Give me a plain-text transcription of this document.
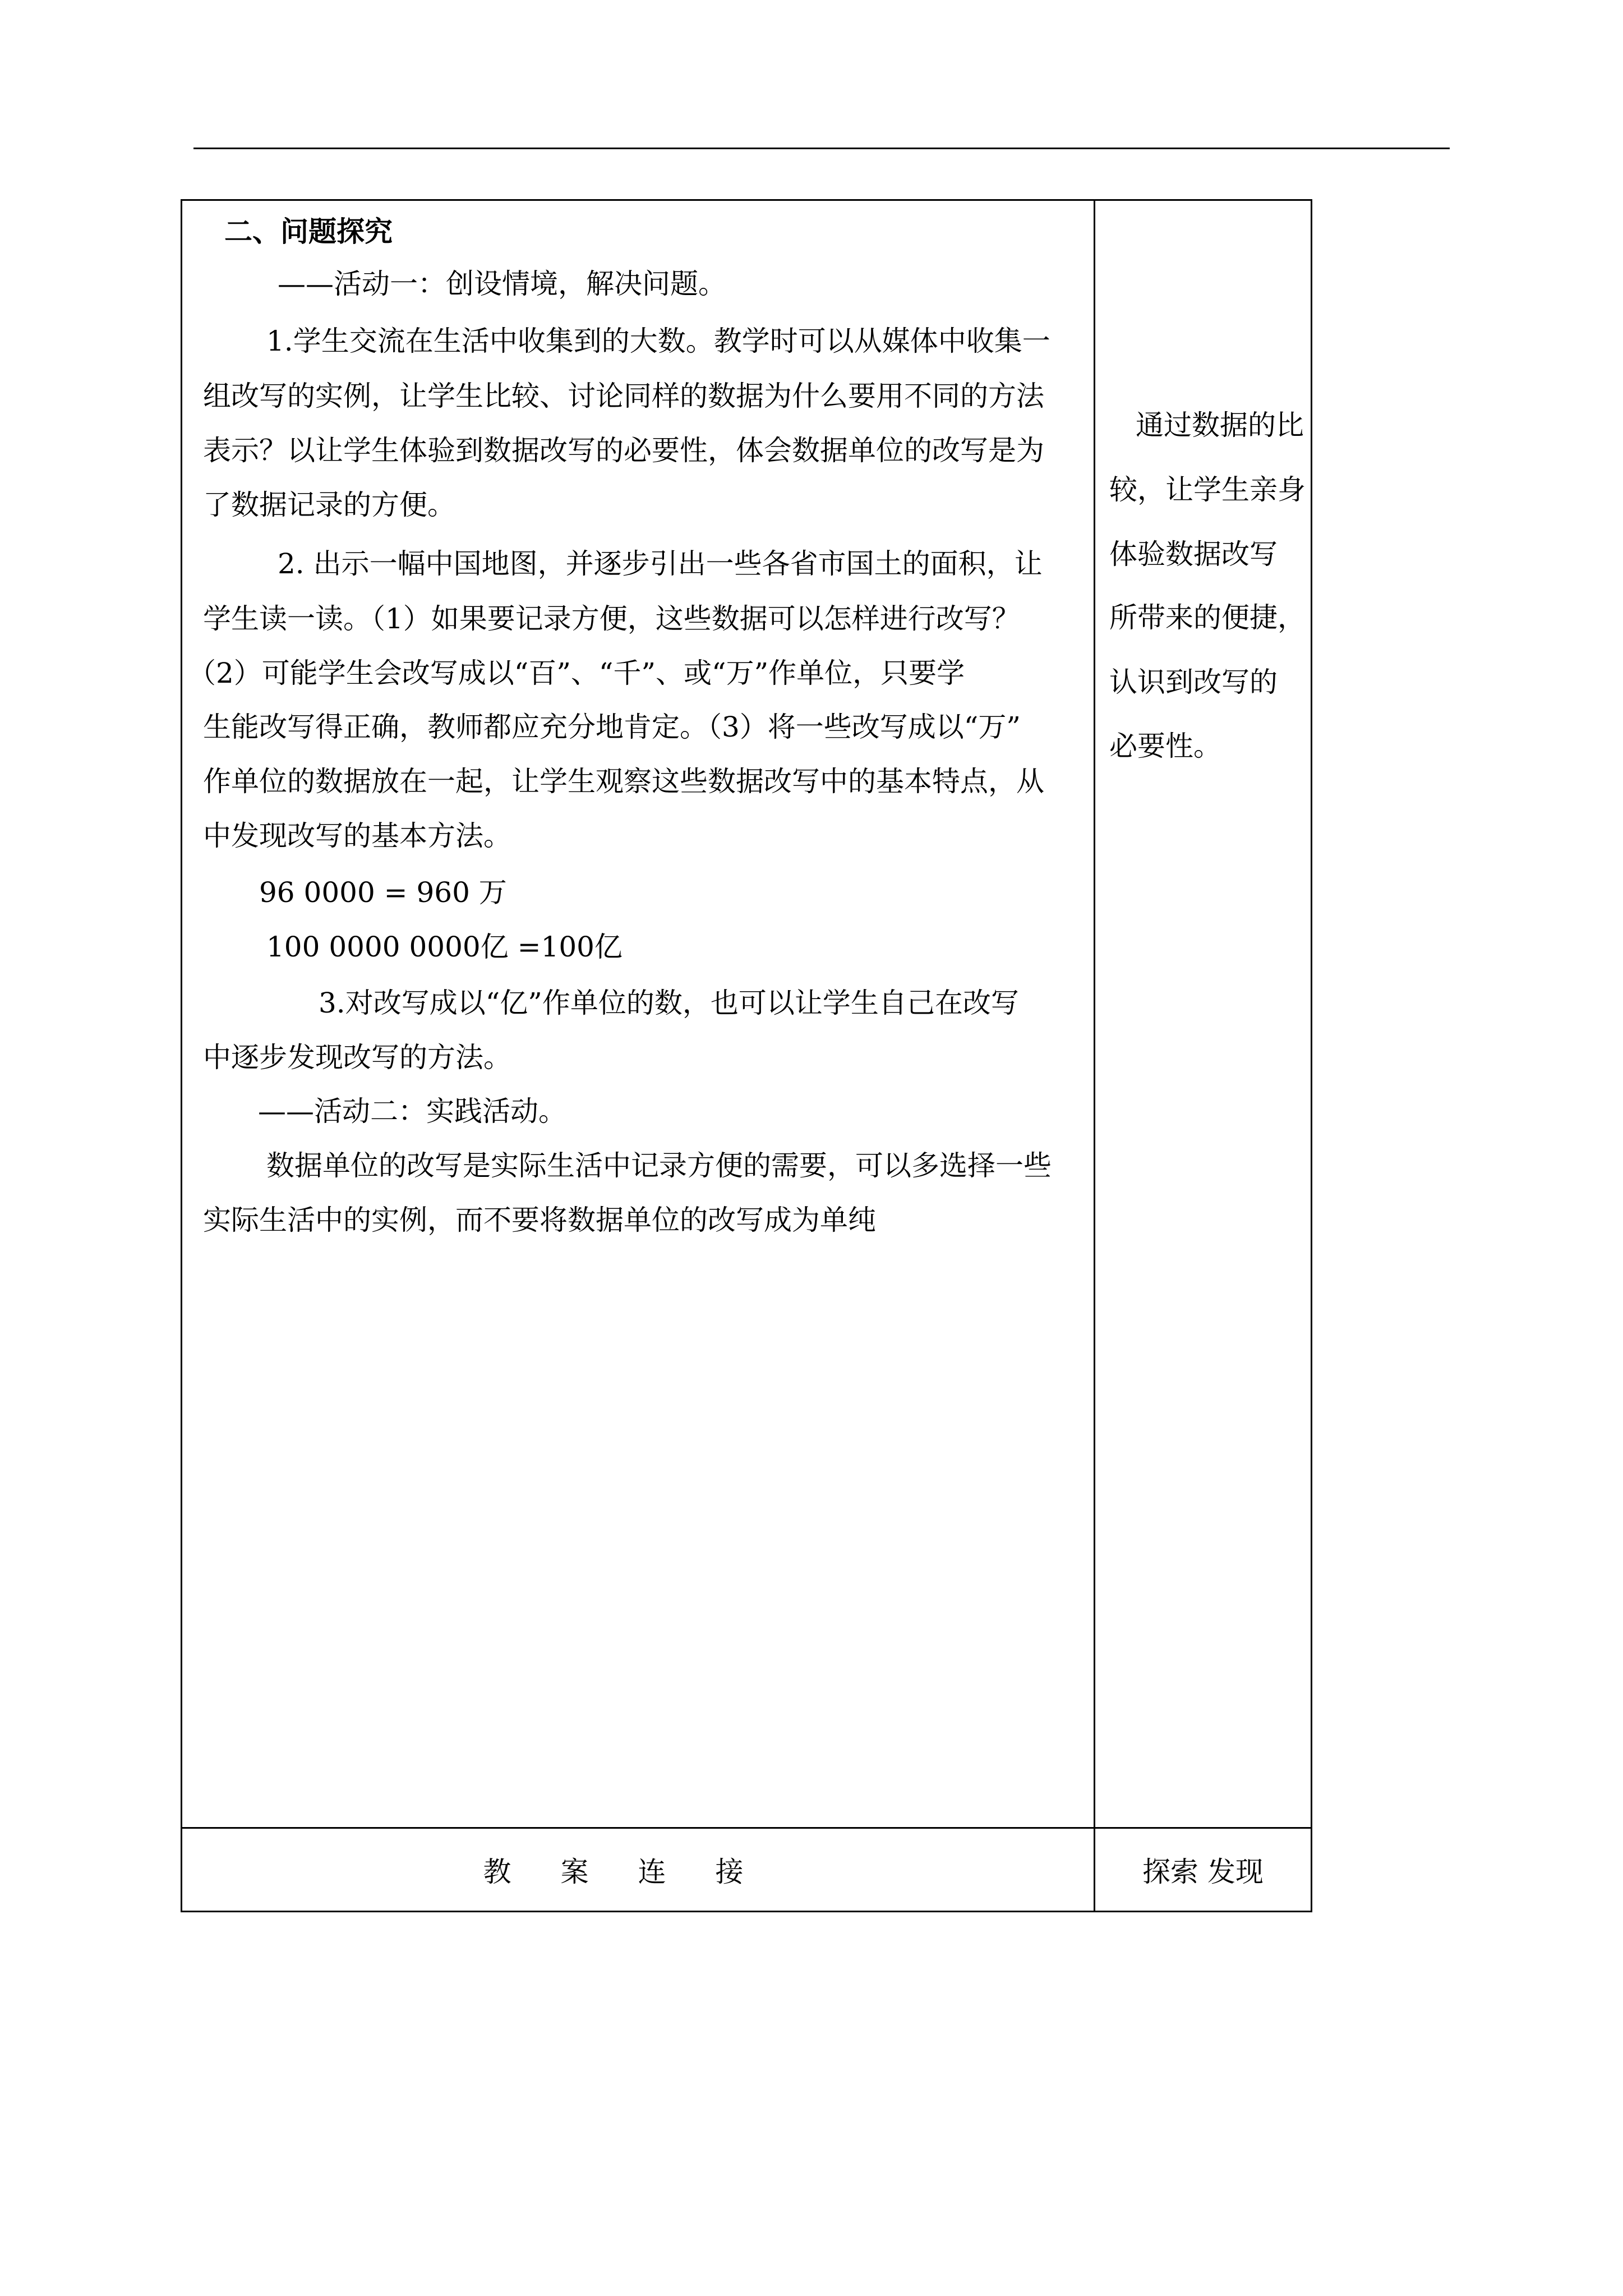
二、问题探究
——活动一：创设情境，解决问题。
1.学生交流在生活中收集到的大数。教学时可以从媒体中收集一
组改写的实例，让学生比较、讨论同样的数据为什么要用不同的方法
表示？以让学生体验到数据改写的必要性，体会数据单位的改写是为
了数据记录的方便。
2. 出示一幅中国地图，并逐步引出一些各省市国土的面积，让
学生读一读。（1）如果要记录方便，这些数据可以怎样进行改写？
（2）可能学生会改写成以“百”、“千”、或“万”作单位，只要学
生能改写得正确，教师都应充分地肯定。（3）将一些改写成以“万”
作单位的数据放在一起，让学生观察这些数据改写中的基本特点，从
中发现改写的基本方法。
96 0000 = 960 万
100 0000 0000亿 =100亿
3.对改写成以“亿”作单位的数，也可以让学生自己在改写
中逐步发现改写的方法。
——活动二：实践活动。
数据单位的改写是实际生活中记录方便的需要，可以多选择一些
实际生活中的实例，而不要将数据单位的改写成为单纯
通过数据的比
较，让学生亲身
体验数据改写
所带来的便捷，
认识到改写的
必要性。
教案连接	探索 发现
